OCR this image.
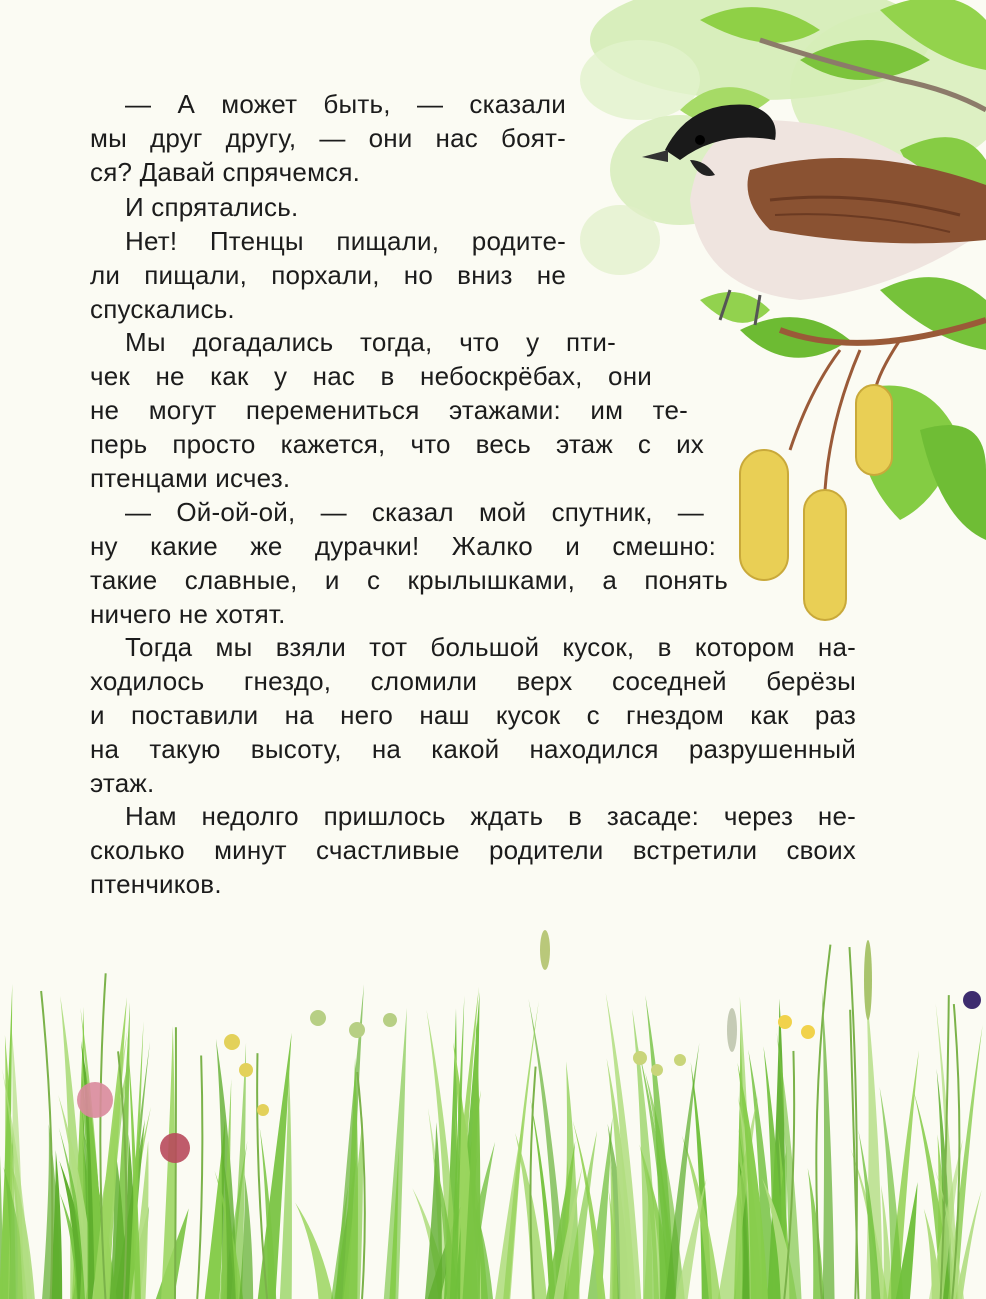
— А может быть, — сказали
мы друг другу, — они нас боят-
ся? Давай спрячемся.
И спрятались.
Нет! Птенцы пищали, родите-
ли пищали, порхали, но вниз не
спускались.
Мы догадались тогда, что у пти-
чек не как у нас в небоскрёбах, они
не могут перемениться этажами: им те-
перь просто кажется, что весь этаж с их
птенцами исчез.
— Ой-ой-ой, — сказал мой спутник, —
ну какие же дурачки! Жалко и смешно:
такие славные, и с крылышками, а понять
ничего не хотят.
Тогда мы взяли тот большой кусок, в котором на-
ходилось гнездо, сломили верх соседней берёзы
и поставили на него наш кусок с гнездом как раз
на такую высоту, на какой находился разрушенный
этаж.
Нам недолго пришлось ждать в засаде: через не-
сколько минут счастливые родители встретили своих
птенчиков.
